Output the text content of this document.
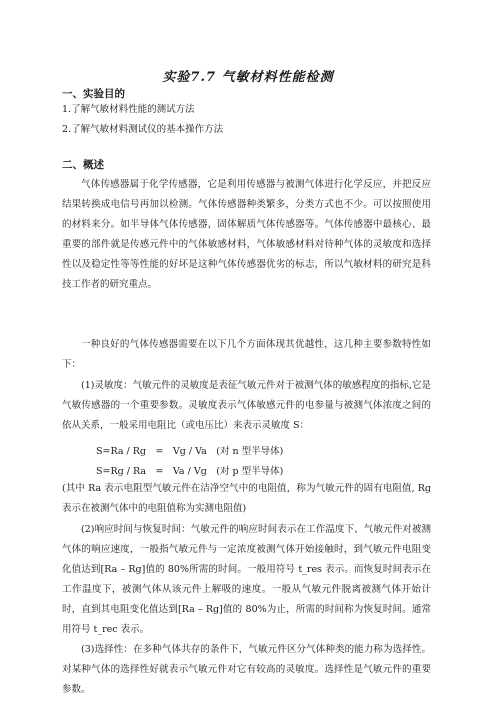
实验7.7 气敏材料性能检测
一、实验目的
1.了解气敏材料性能的测试方法
2.了解气敏材料测试仪的基本操作方法
二、概述
气体传感器属于化学传感器，它是利用传感器与被测气体进行化学反应，并把反应结果转换成电信号再加以检测。气体传感器种类繁多，分类方式也不少。可以按照使用的材料来分。如半导体气体传感器，固体解质气体传感器等。气体传感器中最核心、最重要的部件就是传感元件中的气体敏感材料，气体敏感材料对待种气体的灵敏度和选择性以及稳定性等等性能的好坏是这种气体传感器优劣的标志，所以气敏材料的研究是科技工作者的研究重点。
一种良好的气体传感器需要在以下几个方面体现其优越性，这几种主要参数特性如下：
(1)灵敏度：气敏元件的灵敏度是表征气敏元件对于被测气体的敏感程度的指标,它是气敏传感器的一个重要参数。灵敏度表示气体敏感元件的电参量与被测气体浓度之间的依从关系，一般采用电阻比（或电压比）来表示灵敏度 S：
S=Ra / Rg　=　Vg / Va　(对 n 型半导体)
S=Rg / Ra　=　Va / Vg　(对 p 型半导体)
(其中 Ra 表示电阻型气敏元件在洁净空气中的电阻值，称为气敏元件的固有电阻值, Rg 表示在被测气体中的电阻值称为实测电阻值)
(2)响应时间与恢复时间：气敏元件的响应时间表示在工作温度下、气敏元件对被测气体的响应速度，一般指气敏元件与一定浓度被测气体开始接触时，到气敏元件电阻变化值达到[Ra – Rg]值的 80%所需的时间。一般用符号 t_res 表示。而恢复时间表示在工作温度下，被测气体从该元件上解吸的速度。一般从气敏元件脱离被测气体开始计时，直到其电阻变化值达到[Ra – Rg]值的 80%为止，所需的时间称为恢复时间。通常用符号 t_rec 表示。
(3)选择性：在多种气体共存的条件下，气敏元件区分气体种类的能力称为选择性。对某种气体的选择性好就表示气敏元件对它有较高的灵敏度。选择性是气敏元件的重要参数。
